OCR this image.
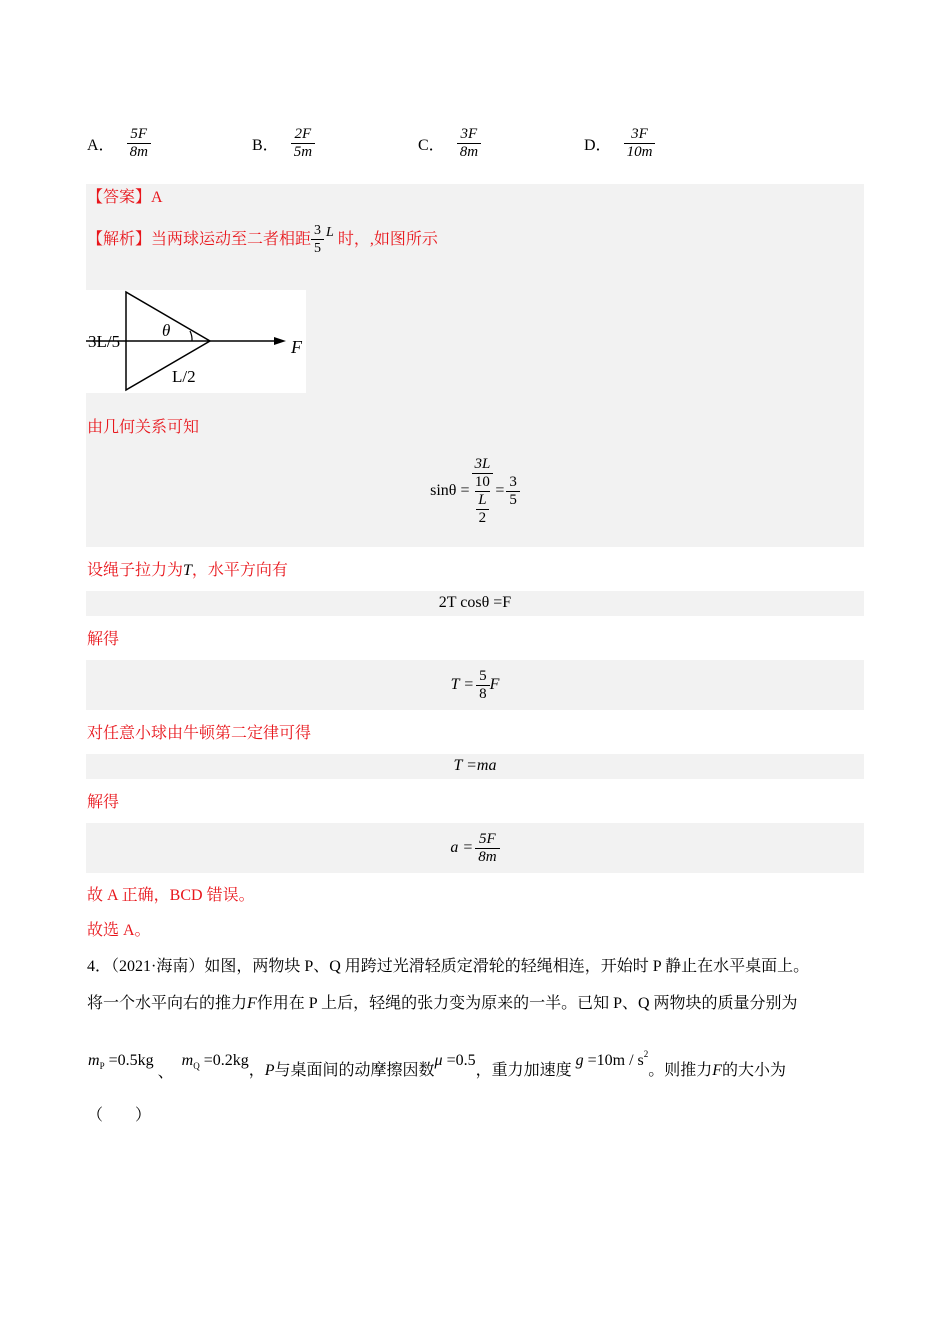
A． $\frac{5F}{8m}$	B． $\frac{2F}{5m}$	C． $\frac{3F}{8m}$	D． $\frac{3F}{10m}$
【答案】A
【解析】当两球运动至二者相距 $\frac{3}{5}$ L 时，,如图所示
3L/5
θ
F
L/2
由几何关系可知
$\sin\theta = \frac{\frac{3L}{10}}{\frac{L}{2}} = \frac{3}{5}$
设绳子拉力为T，水平方向有
2T cosθ =F
解得
$T = \frac{5}{8}$ F
对任意小球由牛顿第二定律可得
T =ma
解得
$a = \frac{5F}{8m}$
故 A 正确，BCD 错误。
故选 A。
4．（2021·海南）如图，两物块 P、Q 用跨过光滑轻质定滑轮的轻绳相连，开始时 P 静止在水平桌面上。
将一个水平向右的推力F作用在 P 上后，轻绳的张力变为原来的一半。已知 P、Q 两物块的质量分别为
$m_P =0.5kg$ 、 $m_Q =0.2kg$，P与桌面间的动摩擦因数μ =0.5，重力加速度$g =10m / s^2$。则推力F的大小为
（　　）
